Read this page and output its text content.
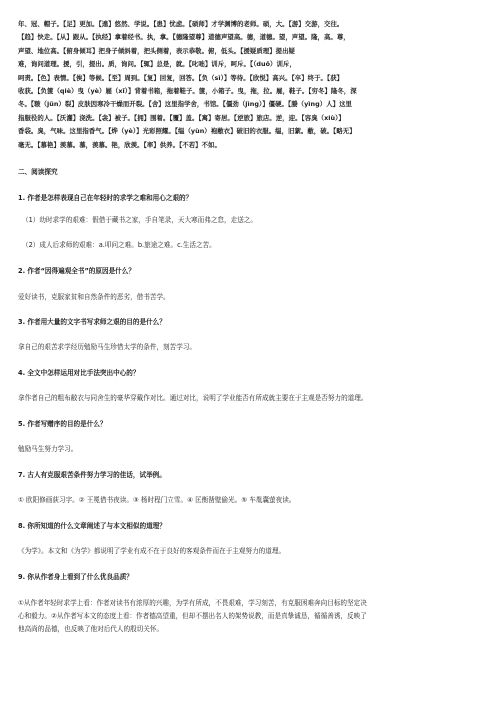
年、冠、帽子。【足】更加。【遑】悠然、学说。【患】忧虑。【硕师】才学渊博的老师。硕，大。【游】交游，交往。

【趋】快走。【从】跟从。【执经】拿着经书。执，拿。【德隆望尊】道德声望高。德，道德。望，声望。隆，高。尊，

声望、地位高。【俯身倾耳】把身子倾斜着，把头侧着，表示恭敬。俯，低头。【援疑质理】提出疑

难，询问道理。援，引，提出。质，询问。【辄】总是，就。【叱咄】训斥，呵斥。【（duō）训斥，

呵责。【色】表情。【俟】等候。【至】周到。【复】回复，回答。【负（sì）】等待。【欣悦】高兴。【卒】终于。【获】

收获。【负箧（qiè）曳（yè）屣（xǐ）】背着书箱，拖着鞋子。箧，小箱子。曳，拖，拉。屣，鞋子。【穷冬】隆冬，深

冬。【皲（jūn）裂】皮肤因寒冷干燥而开裂。【舍】这里指学舍，书馆。【僵劲（jìng）】僵硬。【媵（yìng）人】这里

指服役的人。【沃灌】浇洗。【衾】被子。【拥】围着。【覆】盖。【寓】寄居。【逆旅】旅店。逆，迎。【容臭（xiù）】

香袋。臭，气味。这里指香气。【烨（yè）】光彩照耀。【缊（yùn）袍敝衣】破旧的衣服。缊，旧絮。敝，破。【略无】

毫无。【慕艳】羡慕。慕，羡慕。艳，欣羡。【率】供养。【不若】不如。

二、阅读探究

1. 作者是怎样表现自己在年轻时的求学之难和用心之艰的？

（1）幼时求学的艰难：假借于藏书之家，手自笔录，天大寒而弗之怠，走送之。

（2）成人后求师的艰难：a.叩问之难。b.旅途之难。c.生活之苦。

2. 作者“因得遍观全书”的原因是什么？

爱好读书，克服家贫和自然条件的恶劣，借书苦学。

3. 作者用大量的文字书写求师之艰的目的是什么？

拿自己的艰苦求学经历勉励马生珍惜太学的条件，刻苦学习。

4. 全文中怎样运用对比手法突出中心的？

拿作者自己的粗布敝衣与同舍生的豪华穿戴作对比。通过对比，说明了学业能否有所成就主要在于主观是否努力的道理。

5. 作者写赠序的目的是什么？

勉励马生努力学习。

7. 古人有克服艰苦条件努力学习的佳话，试举例。

① 欧阳修画荻习字。② 王冕借书夜读。③ 杨时程门立雪。④ 匡衡凿壁偷光。⑤ 车胤囊萤夜读。

8. 你所知道的什么文章阐述了与本文相似的道理？

《为学》。本文和《为学》都说明了学业有成不在于良好的客观条件而在于主观努力的道理。

9. 你从作者身上看到了什么优良品质？

①从作者年轻时求学上看：作者对读书有浓厚的兴趣，为学有所成，不畏艰难，学习刻苦，有克服困难奔向目标的坚定决

心和毅力。②从作者写本文的态度上看：作者德高望重，但却不摆出名人的架势说教，而是真挚诚恳，循循善诱，反映了

他高尚的品德，也反映了他对后代人的殷切关怀。
